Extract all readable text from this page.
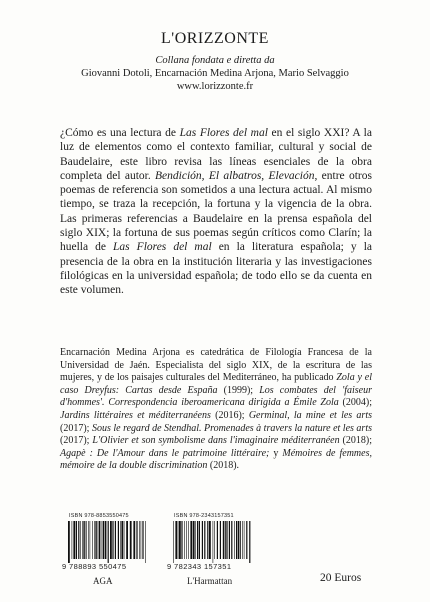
L'ORIZZONTE
Collana fondata e diretta da
Giovanni Dotoli, Encarnación Medina Arjona, Mario Selvaggio
www.lorizzonte.fr
¿Cómo es una lectura de Las Flores del mal en el siglo XXI? A la luz de elementos como el contexto familiar, cultural y social de Baudelaire, este libro revisa las líneas esenciales de la obra completa del autor. Bendición, El albatros, Elevación, entre otros poemas de referencia son sometidos a una lectura actual. Al mismo tiempo, se traza la recepción, la fortuna y la vigencia de la obra. Las primeras referencias a Baudelaire en la prensa española del siglo XIX; la fortuna de sus poemas según críticos como Clarín; la huella de Las Flores del mal en la literatura española; y la presencia de la obra en la institución literaria y las investigaciones filológicas en la universidad española; de todo ello se da cuenta en este volumen.
Encarnación Medina Arjona es catedrática de Filología Francesa de la Universidad de Jaén. Especialista del siglo XIX, de la escritura de las mujeres, y de los paisajes culturales del Mediterráneo, ha publicado Zola y el caso Dreyfus: Cartas desde España (1999); Los combates del 'faiseur d'hommes'. Correspondencia iberoamericana dirigida a Émile Zola (2004); Jardins littéraires et méditerranéens (2016); Germinal, la mine et les arts (2017); Sous le regard de Stendhal. Promenades à travers la nature et les arts (2017); L'Olivier et son symbolisme dans l'imaginaire méditerranéen (2018); Agapè : De l'Amour dans le patrimoine littéraire; y Mémoires de femmes, mémoire de la double discrimination (2018).
ISBN 978-8853550475
9 788893 550475
ISBN 978-2343157351
9 782343 157351
AGA	L'Harmattan	20 Euros
